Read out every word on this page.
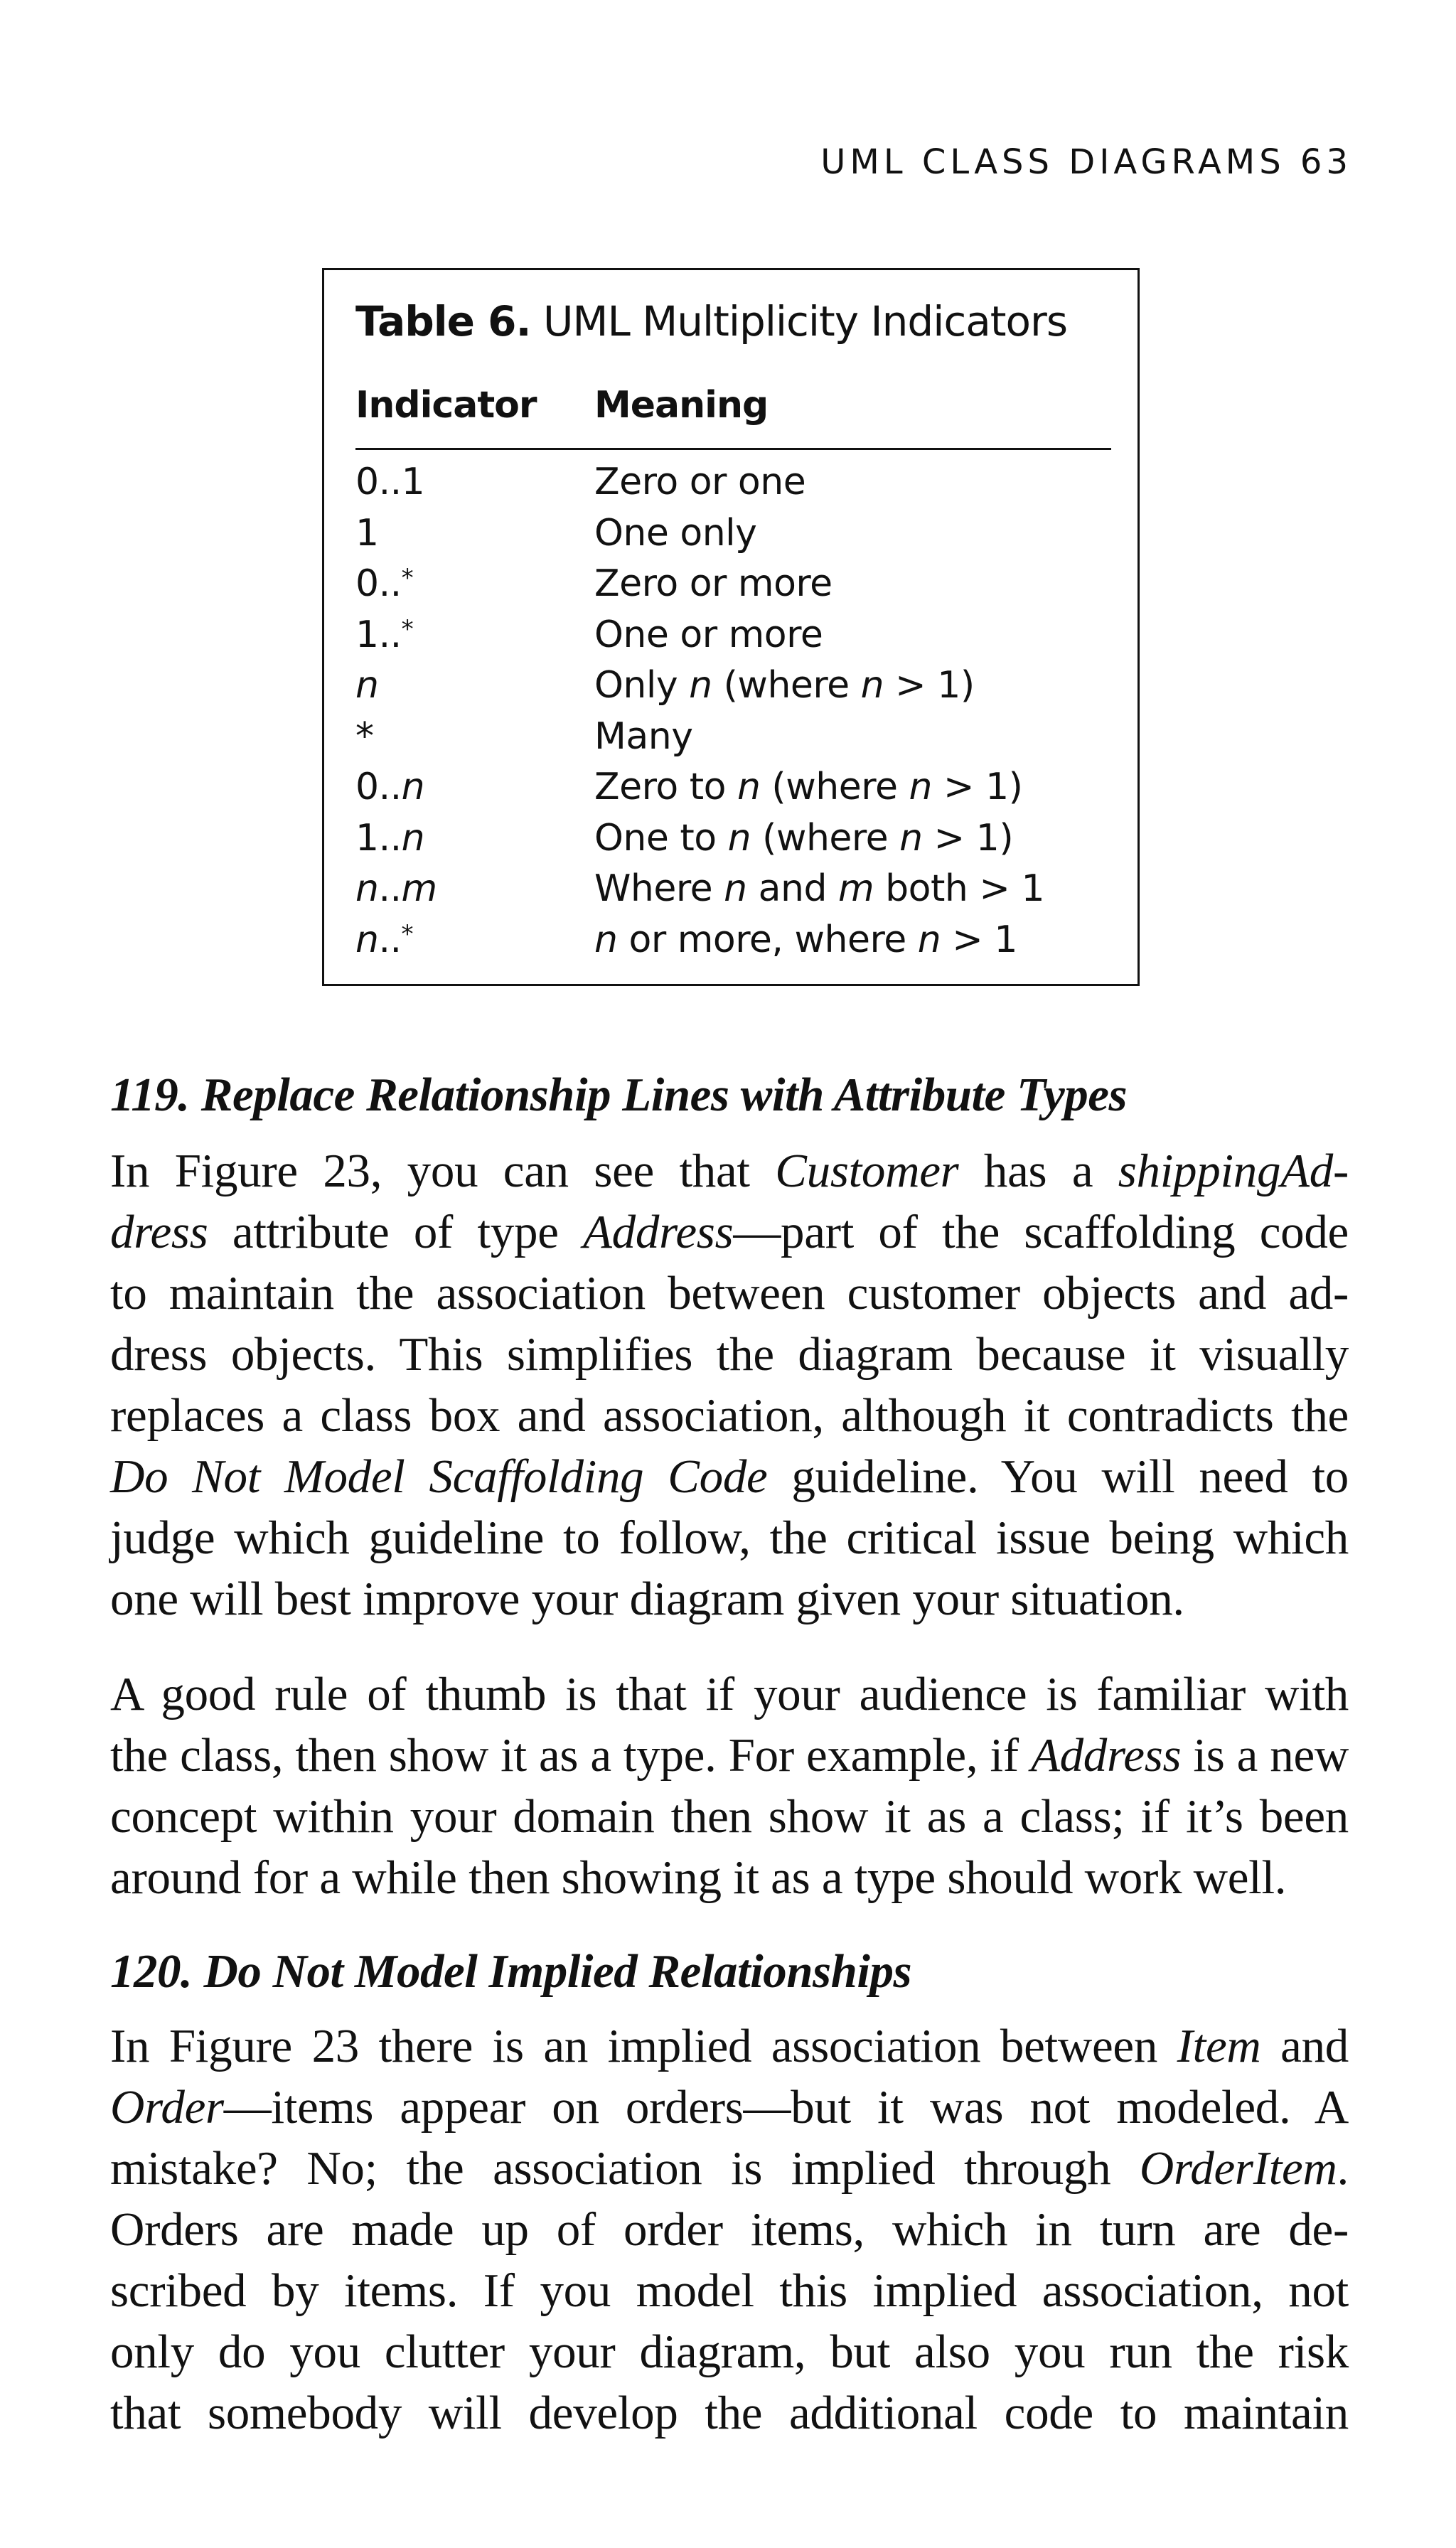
UML CLASS DIAGRAMS 63
Table 6. UML Multiplicity Indicators
Indicator Meaning
0..1	Zero or one
1	One only
0..*	Zero or more
1..*	One or more
n	Only n (where n > 1)
*	Many
0..n	Zero to n (where n > 1)
1..n	One to n (where n > 1)
n..m	Where n and m both > 1
n..*	n or more, where n > 1
119. Replace Relationship Lines with Attribute Types
In Figure 23, you can see that Customer has a shippingAd-
dress attribute of type Address—part of the scaffolding code
to maintain the association between customer objects and ad-
dress objects. This simplifies the diagram because it visually
replaces a class box and association, although it contradicts the
Do Not Model Scaffolding Code guideline. You will need to
judge which guideline to follow, the critical issue being which
one will best improve your diagram given your situation.
A good rule of thumb is that if your audience is familiar with
the class, then show it as a type. For example, if Address is a new
concept within your domain then show it as a class; if it’s been
around for a while then showing it as a type should work well.
120. Do Not Model Implied Relationships
In Figure 23 there is an implied association between Item and
Order—items appear on orders—but it was not modeled. A
mistake? No; the association is implied through OrderItem.
Orders are made up of order items, which in turn are de-
scribed by items. If you model this implied association, not
only do you clutter your diagram, but also you run the risk
that somebody will develop the additional code to maintain
